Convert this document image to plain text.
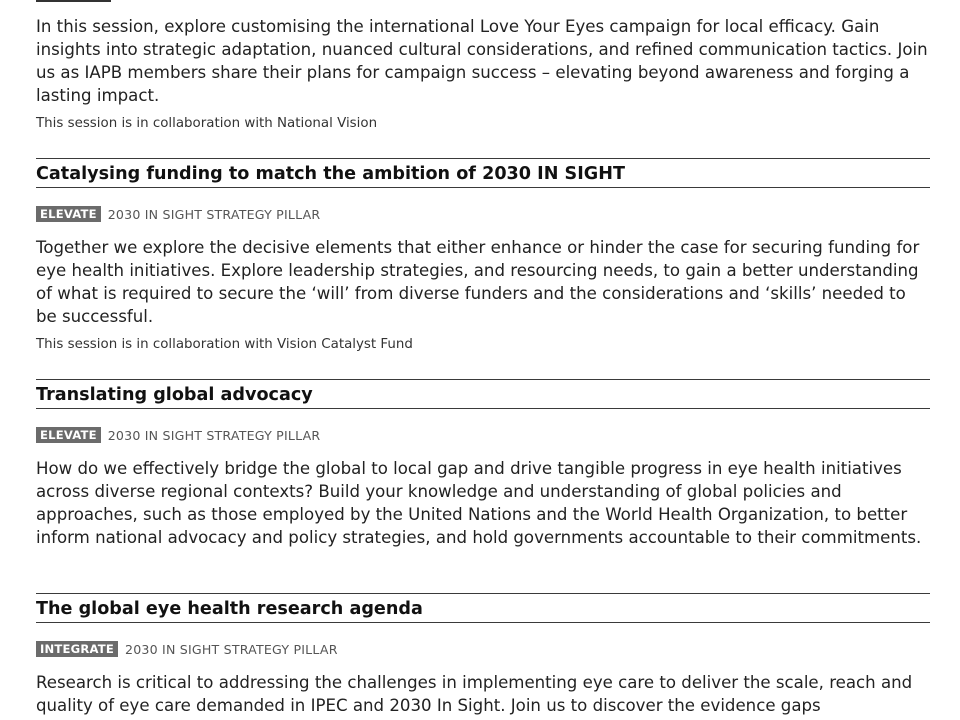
In this session, explore customising the international Love Your Eyes campaign for local efficacy. Gain insights into strategic adaptation, nuanced cultural considerations, and refined communication tactics. Join us as IAPB members share their plans for campaign success – elevating beyond awareness and forging a lasting impact.

This session is in collaboration with National Vision
Catalysing funding to match the ambition of 2030 IN SIGHT
ELEVATE 2030 IN SIGHT STRATEGY PILLAR

Together we explore the decisive elements that either enhance or hinder the case for securing funding for eye health initiatives. Explore leadership strategies, and resourcing needs, to gain a better understanding of what is required to secure the ‘will’ from diverse funders and the considerations and ‘skills’ needed to be successful.

This session is in collaboration with Vision Catalyst Fund
Translating global advocacy
ELEVATE 2030 IN SIGHT STRATEGY PILLAR

How do we effectively bridge the global to local gap and drive tangible progress in eye health initiatives across diverse regional contexts? Build your knowledge and understanding of global policies and approaches, such as those employed by the United Nations and the World Health Organization, to better inform national advocacy and policy strategies, and hold governments accountable to their commitments.

The global eye health research agenda
INTEGRATE 2030 IN SIGHT STRATEGY PILLAR

Research is critical to addressing the challenges in implementing eye care to deliver the scale, reach and quality of eye care demanded in IPEC and 2030 In Sight. Join us to discover the evidence gaps
